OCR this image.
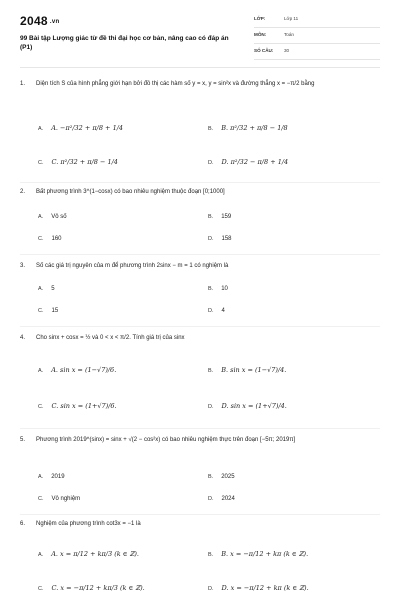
2048 .vn
99 Bài tập Lượng giác từ đề thi đại học cơ bản, nâng cao có đáp án (P1)
LỚP:	Lớp 11
MÔN:	Toán
SỐ CÂU: 30
1. Diện tích S của hình phẳng giới hạn bởi đồ thị các hàm số y = x, y = sin²x và đường thẳng x = −π/2 bằng
A. A. −π²/32 + π/8 + 1/4	B. B. π²/32 + π/8 − 1/8
C. C. π²/32 + π/8 − 1/4	D. D. π²/32 − π/8 + 1/4
2. Bất phương trình 3^(1−cosx) có bao nhiêu nghiệm thuộc đoạn [0;1000]
A. Vô số	B. 159
C. 160	D. 158
3. Số các giá trị nguyên của m để phương trình 2sinx − m = 1 có nghiệm là
A. 5	B. 10
C. 15	D. 4
4. Cho sinx + cosx = ½ và 0 < x < π/2. Tính giá trị của sinx
A. A. sin x = (1−√7)/6.	B. B. sin x = (1−√7)/4.
C. C. sin x = (1+√7)/6.	D. D. sin x = (1+√7)/4.
5. Phương trình 2019^(sinx) = sinx + √(2 − cos²x) có bao nhiêu nghiệm thực trên đoạn [−5π; 2019π]
A. 2019	B. 2025
C. Vô nghiệm	D. 2024
6. Nghiệm của phương trình cot3x = −1 là
A. A. x = π/12 + kπ/3 (k ∈ ℤ).	B. B. x = −π/12 + kπ (k ∈ ℤ).
C. C. x = −π/12 + kπ/3 (k ∈ ℤ).	D. D. x = −π/12 + kπ (k ∈ ℤ).
